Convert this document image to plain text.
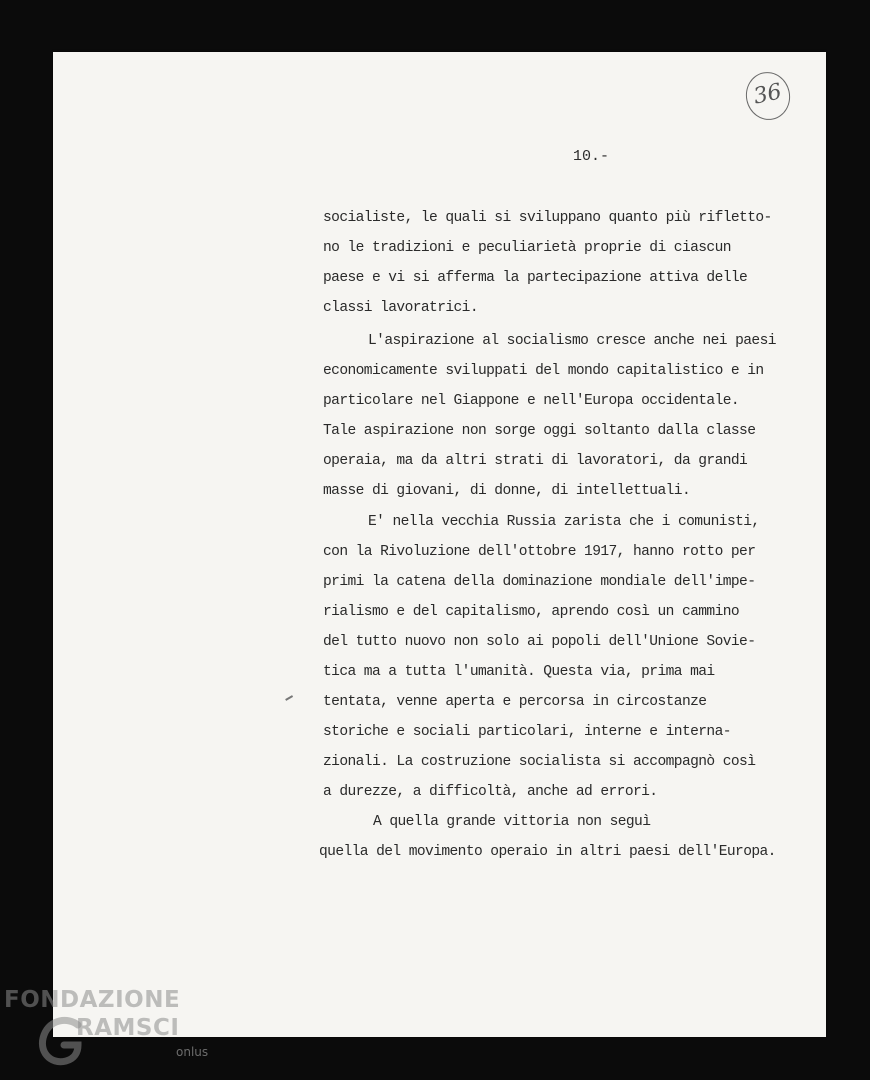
36
10.-
socialiste, le quali si sviluppano quanto più rifletto-
no le tradizioni e peculiarietà proprie di ciascun
paese e vi si afferma la partecipazione attiva delle
classi lavoratrici.
L'aspirazione al socialismo cresce anche nei paesi
economicamente sviluppati del mondo capitalistico e in
particolare nel Giappone e nell'Europa occidentale.
Tale aspirazione non sorge oggi soltanto dalla classe
operaia, ma da altri strati di lavoratori, da grandi
masse di giovani, di donne, di intellettuali.
E' nella vecchia Russia zarista che i comunisti,
con la Rivoluzione dell'ottobre 1917, hanno rotto per
primi la catena della dominazione mondiale dell'impe-
rialismo e del capitalismo, aprendo così un cammino
del tutto nuovo non solo ai popoli dell'Unione Sovie-
tica ma a tutta l'umanità. Questa via, prima mai
tentata, venne aperta e percorsa in circostanze
storiche e sociali particolari, interne e interna-
zionali. La costruzione socialista si accompagnò così
a durezze, a difficoltà, anche ad errori.
A quella grande vittoria non seguì
quella del movimento operaio in altri paesi dell'Europa.
FONDAZIONE
RAMSCI
onlus
